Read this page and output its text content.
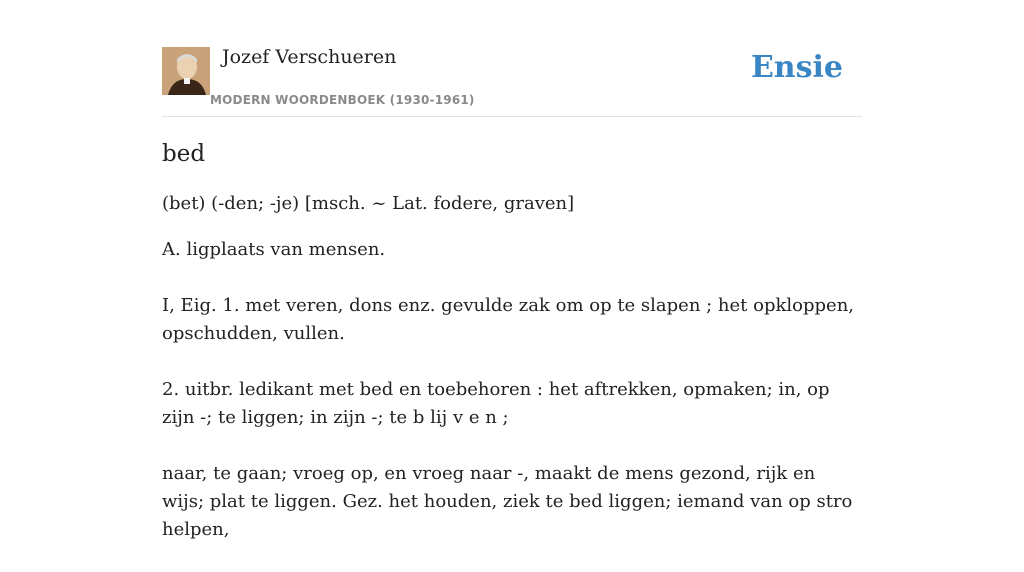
Jozef Verschueren
MODERN WOORDENBOEK (1930-1961)
Ensie
bed
(bet) (-den; -je) [msch. ~ Lat. fodere, graven]
A. ligplaats van mensen.
I, Eig. 1. met veren, dons enz. gevulde zak om op te slapen ; het opkloppen, opschudden, vullen.
2. uitbr. ledikant met bed en toebehoren : het aftrekken, opmaken; in, op zijn -; te liggen; in zijn -; te b lij v e n ;
naar, te gaan; vroeg op, en vroeg naar -, maakt de mens gezond, rijk en wijs; plat te liggen. Gez. het houden, ziek te bed liggen; iemand van op stro helpen,
